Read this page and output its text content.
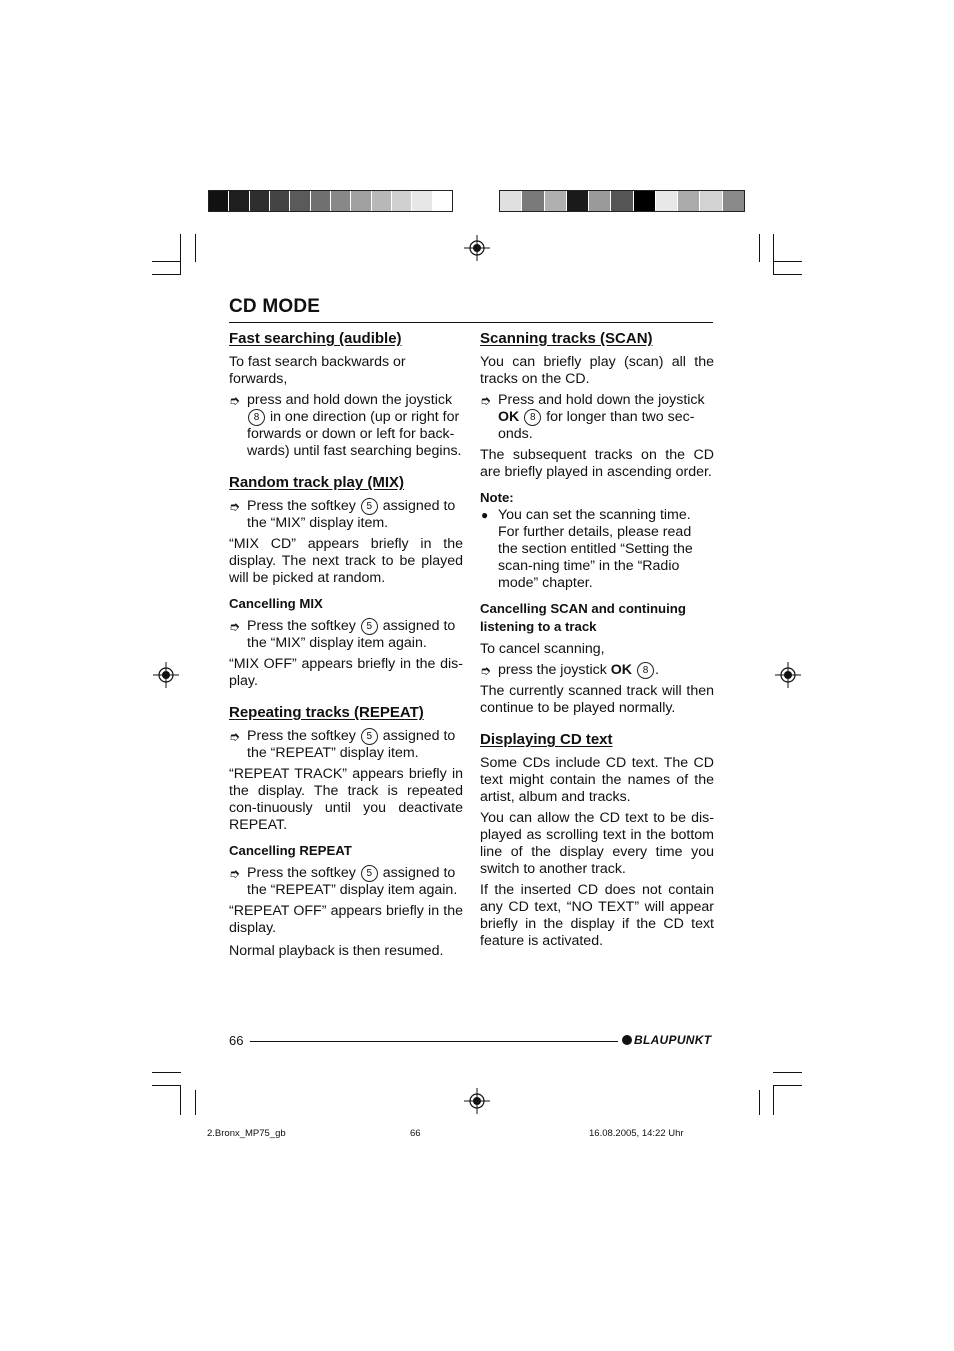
CD MODE
Fast searching (audible)
To fast search backwards or forwards,
➮ press and hold down the joystick 8 in one direction (up or right for forwards or down or left for back-wards) until fast searching begins.
Random track play (MIX)
➮ Press the softkey 5 assigned to the “MIX” display item.
“MIX CD” appears briefly in the display. The next track to be played will be picked at random.
Cancelling MIX
➮ Press the softkey 5 assigned to the “MIX” display item again.
“MIX OFF” appears briefly in the dis-play.
Repeating tracks (REPEAT)
➮ Press the softkey 5 assigned to the “REPEAT” display item.
“REPEAT TRACK” appears briefly in the display. The track is repeated con-tinuously until you deactivate REPEAT.
Cancelling REPEAT
➮ Press the softkey 5 assigned to the “REPEAT” display item again.
“REPEAT OFF” appears briefly in the display.
Normal playback is then resumed.
Scanning tracks (SCAN)
You can briefly play (scan) all the tracks on the CD.
➮ Press and hold down the joystick OK 8 for longer than two sec-onds.
The subsequent tracks on the CD are briefly played in ascending order.
Note:
● You can set the scanning time. For further details, please read the section entitled “Setting the scan-ning time” in the “Radio mode” chapter.
Cancelling SCAN and continuing listening to a track
To cancel scanning,
➮ press the joystick OK 8 .
The currently scanned track will then continue to be played normally.
Displaying CD text
Some CDs include CD text. The CD text might contain the names of the artist, album and tracks.
You can allow the CD text to be dis-played as scrolling text in the bottom line of the display every time you switch to another track.
If the inserted CD does not contain any CD text, “NO TEXT” will appear briefly in the display if the CD text feature is activated.
66	BLAUPUNKT
2.Bronx_MP75_gb	66	16.08.2005, 14:22 Uhr
